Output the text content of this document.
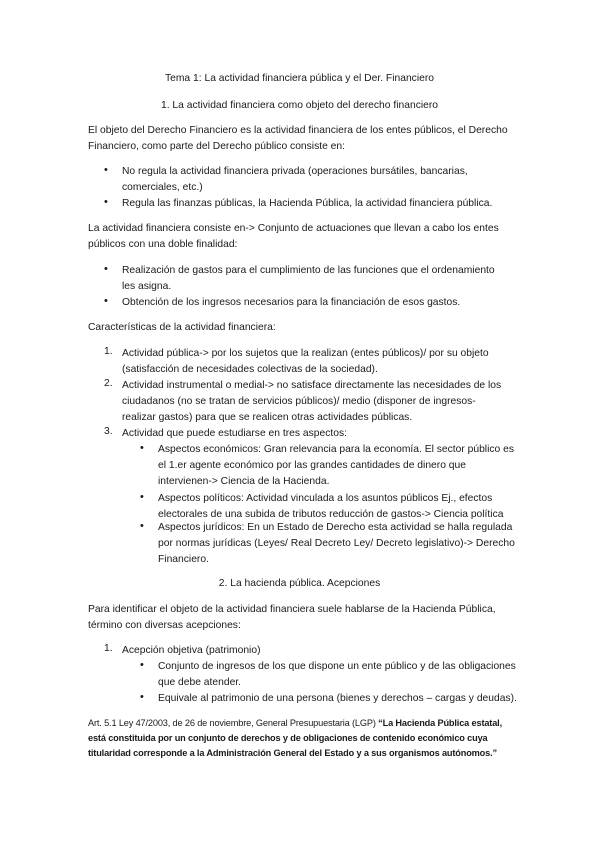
Tema 1: La actividad financiera pública y el Der. Financiero
1. La actividad financiera como objeto del derecho financiero

El objeto del Derecho Financiero es la actividad financiera de los entes públicos, el Derecho Financiero, como parte del Derecho público consiste en:

• No regula la actividad financiera privada (operaciones bursátiles, bancarias, comerciales, etc.)
• Regula las finanzas públicas, la Hacienda Pública, la actividad financiera pública.

La actividad financiera consiste en-> Conjunto de actuaciones que llevan a cabo los entes públicos con una doble finalidad:

• Realización de gastos para el cumplimiento de las funciones que el ordenamiento les asigna.
• Obtención de los ingresos necesarios para la financiación de esos gastos.

Características de la actividad financiera:

1. Actividad pública-> por los sujetos que la realizan (entes públicos)/ por su objeto (satisfacción de necesidades colectivas de la sociedad).
2. Actividad instrumental o medial-> no satisface directamente las necesidades de los ciudadanos (no se tratan de servicios públicos)/ medio (disponer de ingresos-realizar gastos) para que se realicen otras actividades públicas.
3. Actividad que puede estudiarse en tres aspectos:
• Aspectos económicos: Gran relevancia para la economía. El sector público es el 1.er agente económico por las grandes cantidades de dinero que intervienen-> Ciencia de la Hacienda.
• Aspectos políticos: Actividad vinculada a los asuntos públicos Ej., efectos electorales de una subida de tributos reducción de gastos-> Ciencia política
• Aspectos jurídicos: En un Estado de Derecho esta actividad se halla regulada por normas jurídicas (Leyes/ Real Decreto Ley/ Decreto legislativo)-> Derecho Financiero.
2. La hacienda pública. Acepciones

Para identificar el objeto de la actividad financiera suele hablarse de la Hacienda Pública, término con diversas acepciones:

1. Acepción objetiva (patrimonio)
• Conjunto de ingresos de los que dispone un ente público y de las obligaciones que debe atender.
• Equivale al patrimonio de una persona (bienes y derechos – cargas y deudas).

Art. 5.1 Ley 47/2003, de 26 de noviembre, General Presupuestaria (LGP) “La Hacienda Pública estatal, está constituida por un conjunto de derechos y de obligaciones de contenido económico cuya titularidad corresponde a la Administración General del Estado y a sus organismos autónomos.”
